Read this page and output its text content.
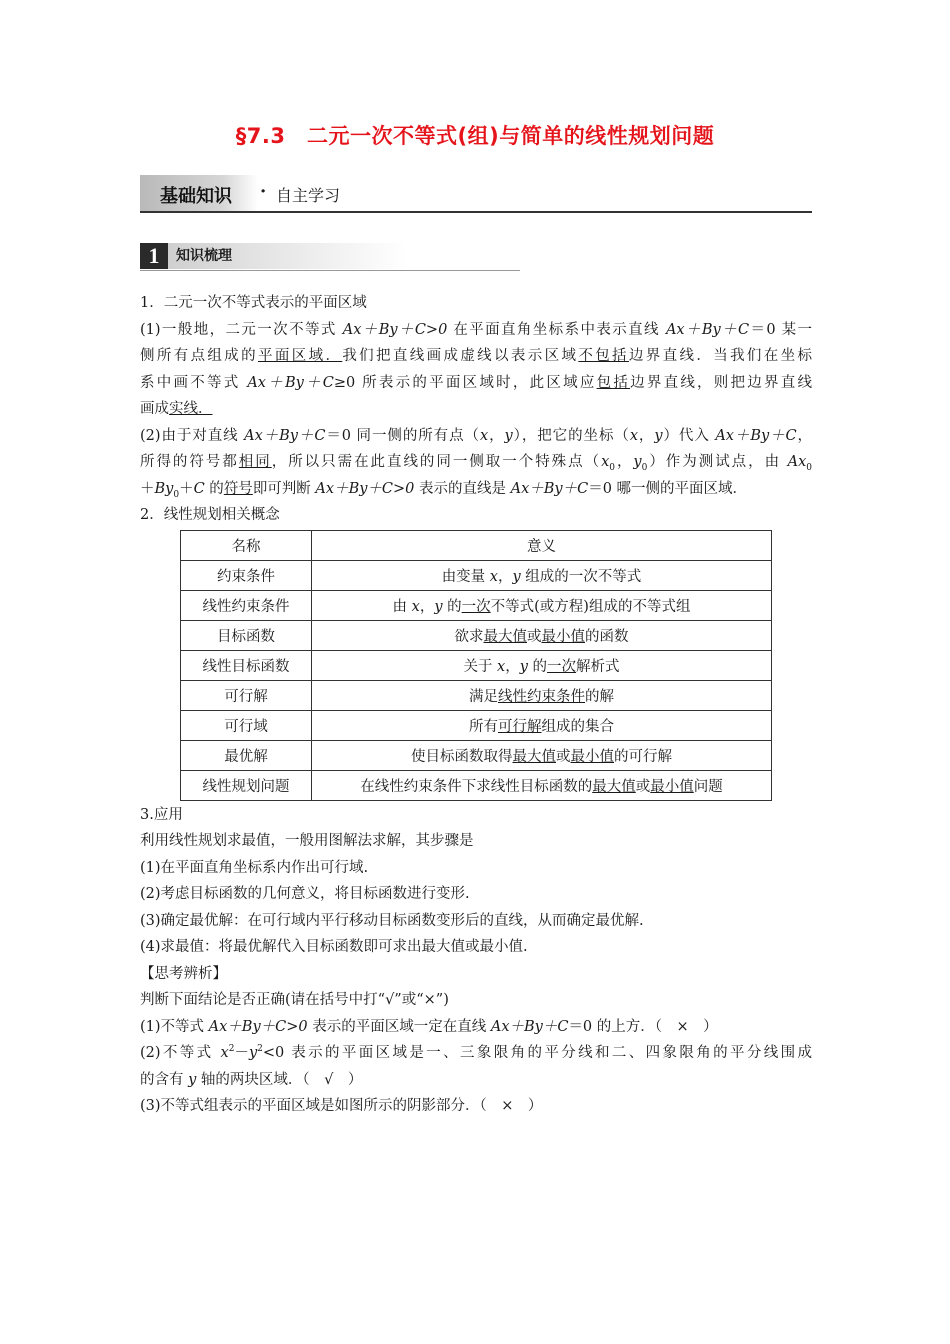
§7.3　二元一次不等式(组)与简单的线性规划问题
基础知识 · 自主学习
1	知识梳理
1．二元一次不等式表示的平面区域
(1)一般地，二元一次不等式 Ax＋By＋C>0 在平面直角坐标系中表示直线 Ax＋By＋C＝0 某一
侧所有点组成的平面区域．我们把直线画成虚线以表示区域不包括边界直线．当我们在坐标
系中画不等式 Ax＋By＋C≥0 所表示的平面区域时，此区域应包括边界直线，则把边界直线
画成实线．
(2)由于对直线 Ax＋By＋C＝0 同一侧的所有点（x，y），把它的坐标（x，y）代入 Ax＋By＋C，
所得的符号都相同，所以只需在此直线的同一侧取一个特殊点（$x_0$，$y_0$）作为测试点，由 $Ax_0$
$+By_0+C$ 的符号即可判断 Ax＋By＋C>0 表示的直线是 Ax＋By＋C＝0 哪一侧的平面区域．
2．线性规划相关概念
名称	意义
约束条件	由变量 x，y 组成的一次不等式
线性约束条件	由 x，y 的一次不等式(或方程)组成的不等式组
目标函数	欲求最大值或最小值的函数
线性目标函数	关于 x，y 的一次解析式
可行解	满足线性约束条件的解
可行域	所有可行解组成的集合
最优解	使目标函数取得最大值或最小值的可行解
线性规划问题	在线性约束条件下求线性目标函数的最大值或最小值问题
3.应用
利用线性规划求最值，一般用图解法求解，其步骤是
(1)在平面直角坐标系内作出可行域.
(2)考虑目标函数的几何意义，将目标函数进行变形.
(3)确定最优解：在可行域内平行移动目标函数变形后的直线，从而确定最优解.
(4)求最值：将最优解代入目标函数即可求出最大值或最小值.
【思考辨析】
判断下面结论是否正确(请在括号中打“√”或“×”)
(1)不等式 Ax＋By＋C>0 表示的平面区域一定在直线 Ax＋By＋C＝0 的上方．（　×　）
(2)不等式 $x^2-y^2<0$ 表示的平面区域是一、三象限角的平分线和二、四象限角的平分线围成
的含有 y 轴的两块区域．（　√　）
(3)不等式组表示的平面区域是如图所示的阴影部分．（　×　）
